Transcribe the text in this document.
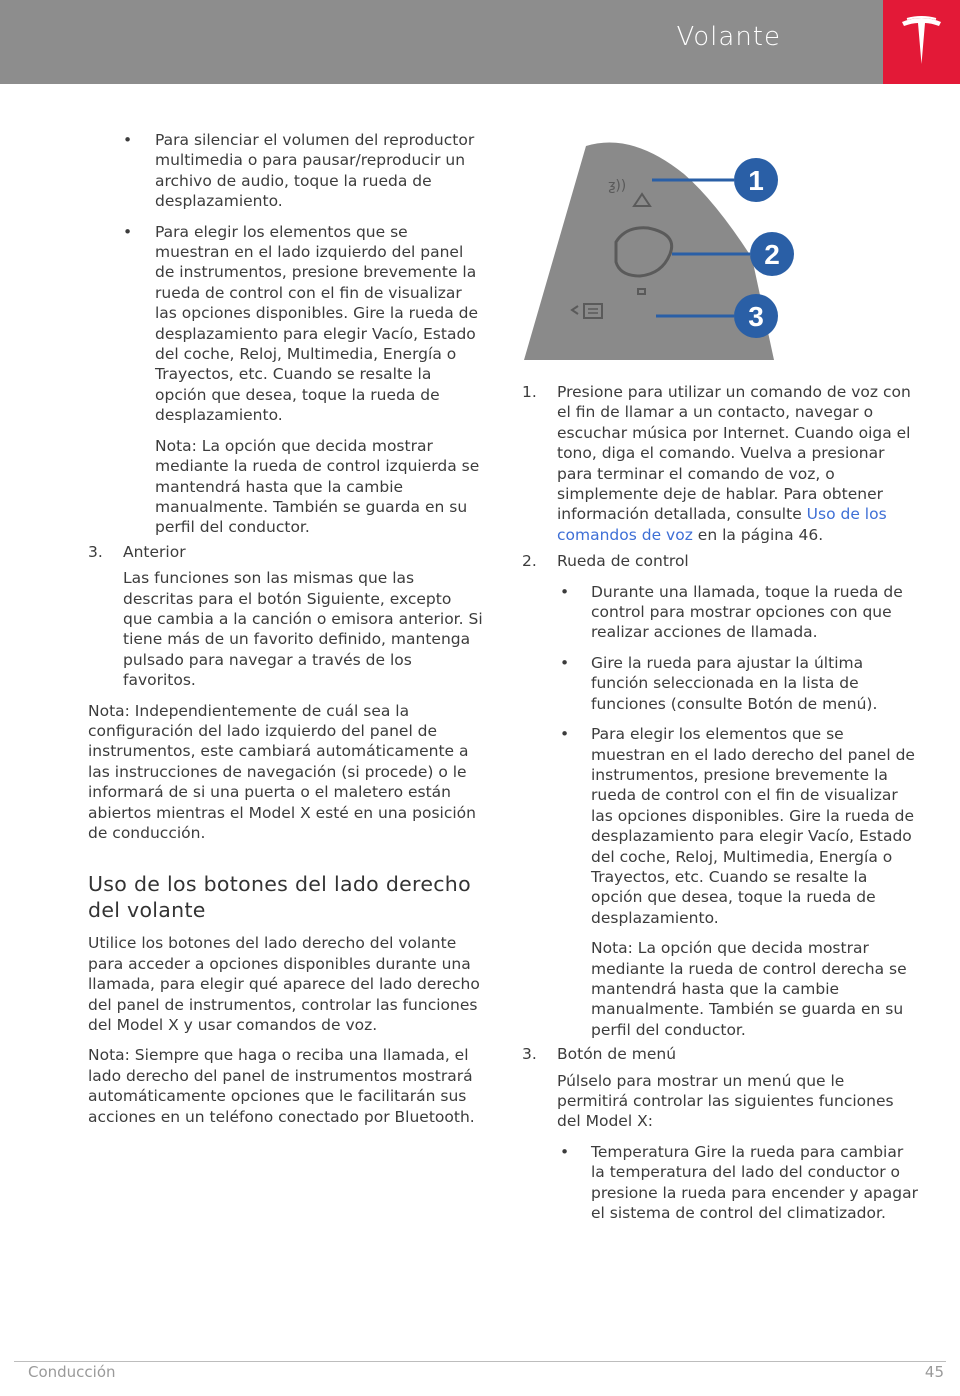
Volante
• Para silenciar el volumen del reproductor multimedia o para pausar/reproducir un archivo de audio, toque la rueda de desplazamiento.
• Para elegir los elementos que se muestran en el lado izquierdo del panel de instrumentos, presione brevemente la rueda de control con el fin de visualizar las opciones disponibles. Gire la rueda de desplazamiento para elegir Vacío, Estado del coche, Reloj, Multimedia, Energía o Trayectos, etc. Cuando se resalte la opción que desea, toque la rueda de desplazamiento.

Nota: La opción que decida mostrar mediante la rueda de control izquierda se mantendrá hasta que la cambie manualmente. También se guarda en su perfil del conductor.

3. Anterior

Las funciones son las mismas que las descritas para el botón Siguiente, excepto que cambia a la canción o emisora anterior. Si tiene más de un favorito definido, mantenga pulsado para navegar a través de los favoritos.

Nota: Independientemente de cuál sea la configuración del lado izquierdo del panel de instrumentos, este cambiará automáticamente a las instrucciones de navegación (si procede) o le informará de si una puerta o el maletero están abiertos mientras el Model X esté en una posición de conducción.

Uso de los botones del lado derecho del volante

Utilice los botones del lado derecho del volante para acceder a opciones disponibles durante una llamada, para elegir qué aparece del lado derecho del panel de instrumentos, controlar las funciones del Model X y usar comandos de voz.

Nota: Siempre que haga o reciba una llamada, el lado derecho del panel de instrumentos mostrará automáticamente opciones que le facilitarán sus acciones en un teléfono conectado por Bluetooth.

ƺ))	1
2
3
1. Presione para utilizar un comando de voz con el fin de llamar a un contacto, navegar o escuchar música por Internet. Cuando oiga el tono, diga el comando. Vuelva a presionar para terminar el comando de voz, o simplemente deje de hablar. Para obtener información detallada, consulte Uso de los comandos de voz en la página 46.
2. Rueda de control
• Durante una llamada, toque la rueda de control para mostrar opciones con que realizar acciones de llamada.
• Gire la rueda para ajustar la última función seleccionada en la lista de funciones (consulte Botón de menú).
• Para elegir los elementos que se muestran en el lado derecho del panel de instrumentos, presione brevemente la rueda de control con el fin de visualizar las opciones disponibles. Gire la rueda de desplazamiento para elegir Vacío, Estado del coche, Reloj, Multimedia, Energía o Trayectos, etc. Cuando se resalte la opción que desea, toque la rueda de desplazamiento.

Nota: La opción que decida mostrar mediante la rueda de control derecha se mantendrá hasta que la cambie manualmente. También se guarda en su perfil del conductor.

3. Botón de menú

Púlselo para mostrar un menú que le permitirá controlar las siguientes funciones del Model X:

• Temperatura Gire la rueda para cambiar la temperatura del lado del conductor o presione la rueda para encender y apagar el sistema de control del climatizador.
Conducción	45
